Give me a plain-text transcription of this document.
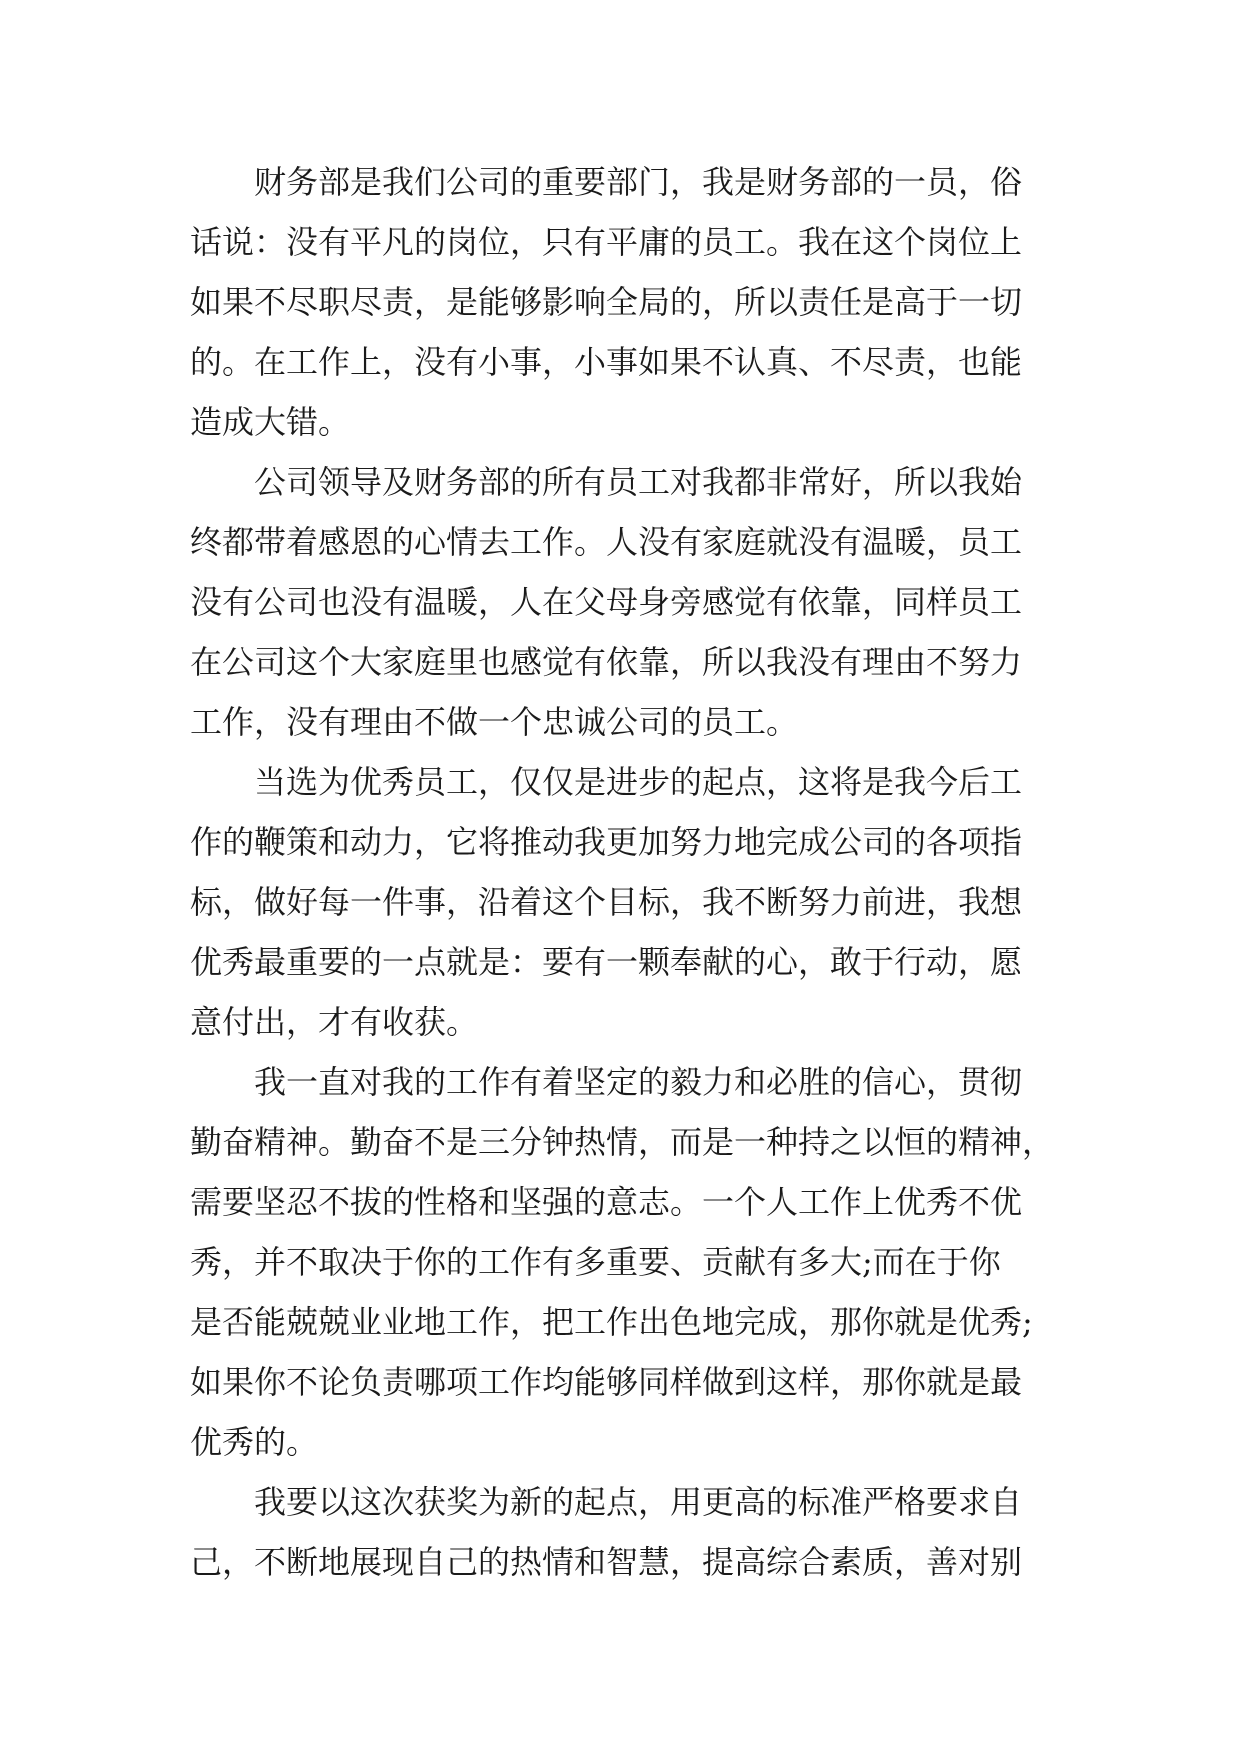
财务部是我们公司的重要部门，我是财务部的一员，俗
话说：没有平凡的岗位，只有平庸的员工。我在这个岗位上
如果不尽职尽责，是能够影响全局的，所以责任是高于一切
的。在工作上，没有小事，小事如果不认真、不尽责，也能
造成大错。

公司领导及财务部的所有员工对我都非常好，所以我始
终都带着感恩的心情去工作。人没有家庭就没有温暖，员工
没有公司也没有温暖，人在父母身旁感觉有依靠，同样员工
在公司这个大家庭里也感觉有依靠，所以我没有理由不努力
工作，没有理由不做一个忠诚公司的员工。

当选为优秀员工，仅仅是进步的起点，这将是我今后工
作的鞭策和动力，它将推动我更加努力地完成公司的各项指
标，做好每一件事，沿着这个目标，我不断努力前进，我想
优秀最重要的一点就是：要有一颗奉献的心，敢于行动，愿
意付出，才有收获。

我一直对我的工作有着坚定的毅力和必胜的信心，贯彻
勤奋精神。勤奋不是三分钟热情，而是一种持之以恒的精神，
需要坚忍不拔的性格和坚强的意志。一个人工作上优秀不优
秀，并不取决于你的工作有多重要、贡献有多大;而在于你
是否能兢兢业业地工作，把工作出色地完成，那你就是优秀;
如果你不论负责哪项工作均能够同样做到这样，那你就是最
优秀的。

我要以这次获奖为新的起点，用更高的标准严格要求自
己，不断地展现自己的热情和智慧，提高综合素质，善对别
